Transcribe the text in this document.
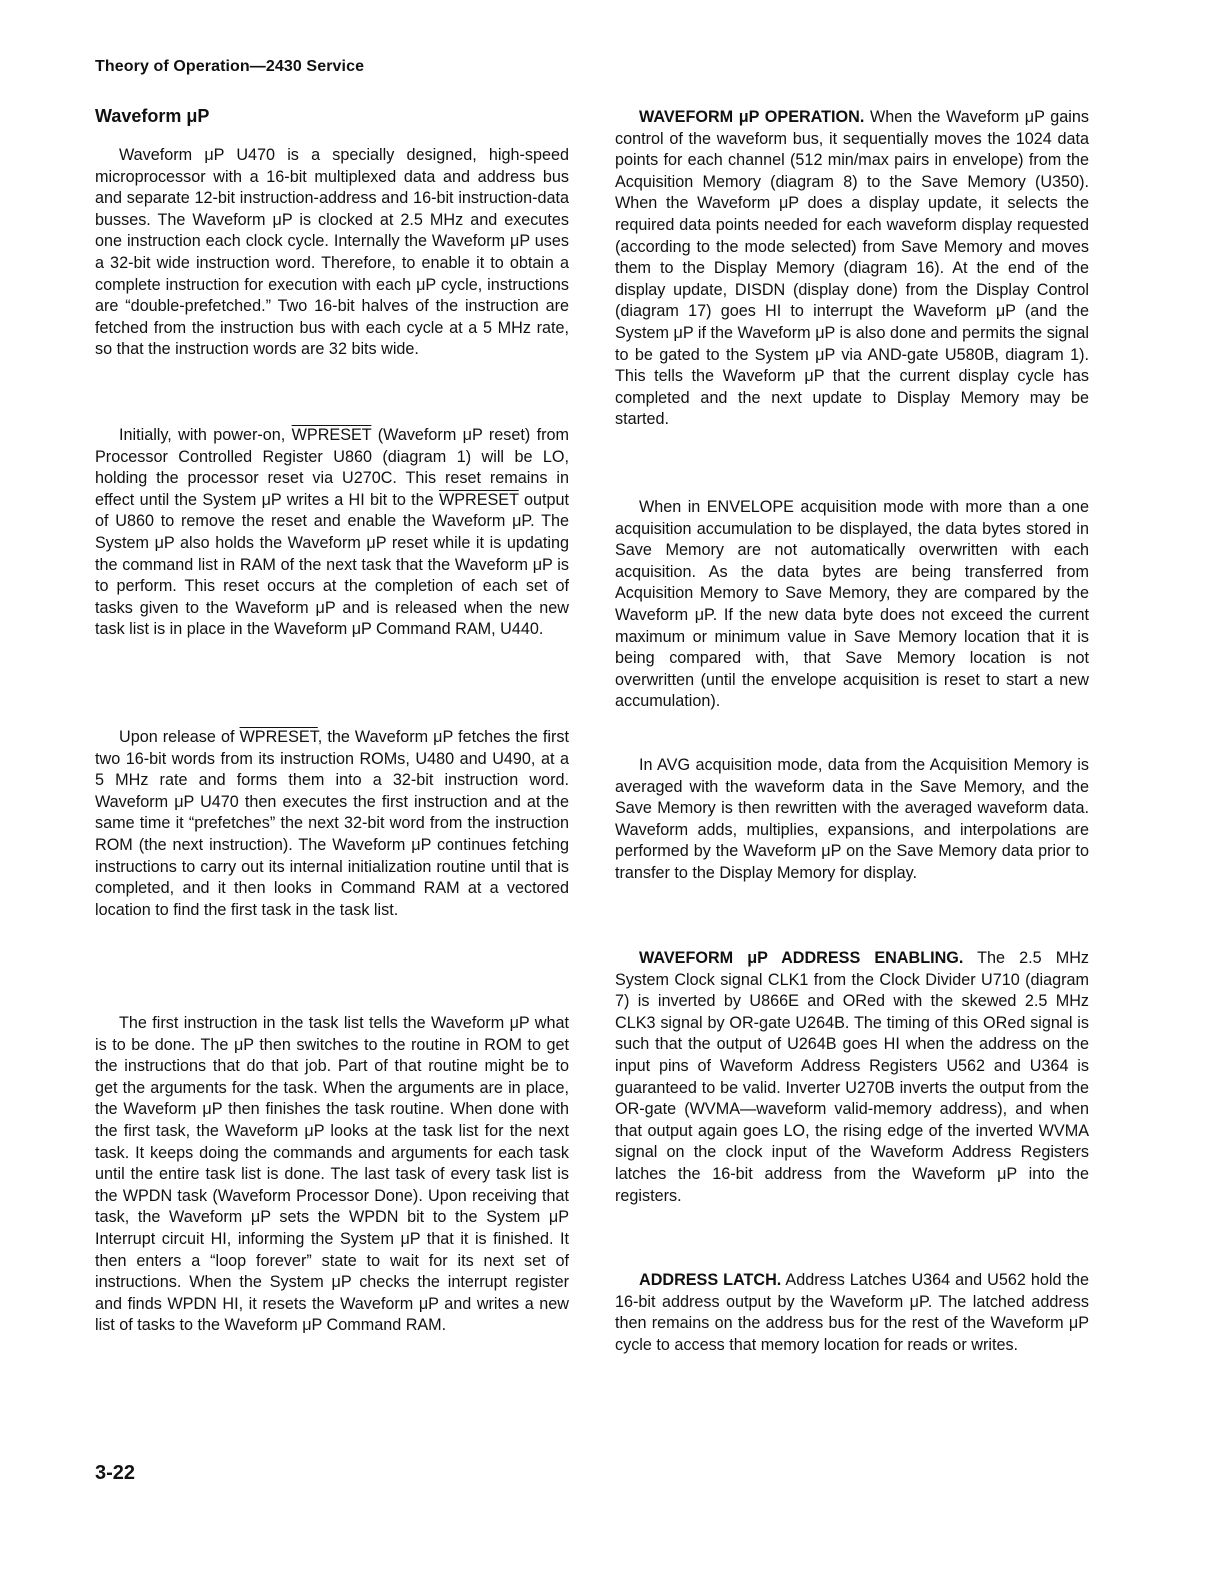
Theory of Operation—2430 Service
Waveform μP

Waveform μP U470 is a specially designed, high-speed microprocessor with a 16-bit multiplexed data and address bus and separate 12-bit instruction-address and 16-bit instruction-data busses. The Waveform μP is clocked at 2.5 MHz and executes one instruction each clock cycle. Internally the Waveform μP uses a 32-bit wide instruction word. Therefore, to enable it to obtain a complete instruction for execution with each μP cycle, instructions are “double-prefetched.” Two 16-bit halves of the instruction are fetched from the instruction bus with each cycle at a 5 MHz rate, so that the instruction words are 32 bits wide.

Initially, with power-on, WPRESET (Waveform μP reset) from Processor Controlled Register U860 (diagram 1) will be LO, holding the processor reset via U270C. This reset remains in effect until the System μP writes a HI bit to the WPRESET output of U860 to remove the reset and enable the Waveform μP. The System μP also holds the Waveform μP reset while it is updating the command list in RAM of the next task that the Waveform μP is to perform. This reset occurs at the completion of each set of tasks given to the Waveform μP and is released when the new task list is in place in the Waveform μP Command RAM, U440.

Upon release of WPRESET, the Waveform μP fetches the first two 16-bit words from its instruction ROMs, U480 and U490, at a 5 MHz rate and forms them into a 32-bit instruction word. Waveform μP U470 then executes the first instruction and at the same time it “prefetches” the next 32-bit word from the instruction ROM (the next instruction). The Waveform μP continues fetching instructions to carry out its internal initialization routine until that is completed, and it then looks in Command RAM at a vectored location to find the first task in the task list.

The first instruction in the task list tells the Waveform μP what is to be done. The μP then switches to the routine in ROM to get the instructions that do that job. Part of that routine might be to get the arguments for the task. When the arguments are in place, the Waveform μP then finishes the task routine. When done with the first task, the Waveform μP looks at the task list for the next task. It keeps doing the commands and arguments for each task until the entire task list is done. The last task of every task list is the WPDN task (Waveform Processor Done). Upon receiving that task, the Waveform μP sets the WPDN bit to the System μP Interrupt circuit HI, informing the System μP that it is finished. It then enters a “loop forever” state to wait for its next set of instructions. When the System μP checks the interrupt register and finds WPDN HI, it resets the Waveform μP and writes a new list of tasks to the Waveform μP Command RAM.

WAVEFORM μP OPERATION. When the Waveform μP gains control of the waveform bus, it sequentially moves the 1024 data points for each channel (512 min/max pairs in envelope) from the Acquisition Memory (diagram 8) to the Save Memory (U350). When the Waveform μP does a display update, it selects the required data points needed for each waveform display requested (according to the mode selected) from Save Memory and moves them to the Display Memory (diagram 16). At the end of the display update, DISDN (display done) from the Display Control (diagram 17) goes HI to interrupt the Waveform μP (and the System μP if the Waveform μP is also done and permits the signal to be gated to the System μP via AND-gate U580B, diagram 1). This tells the Waveform μP that the current display cycle has completed and the next update to Display Memory may be started.

When in ENVELOPE acquisition mode with more than a one acquisition accumulation to be displayed, the data bytes stored in Save Memory are not automatically overwritten with each acquisition. As the data bytes are being transferred from Acquisition Memory to Save Memory, they are compared by the Waveform μP. If the new data byte does not exceed the current maximum or minimum value in Save Memory location that it is being compared with, that Save Memory location is not overwritten (until the envelope acquisition is reset to start a new accumulation).

In AVG acquisition mode, data from the Acquisition Memory is averaged with the waveform data in the Save Memory, and the Save Memory is then rewritten with the averaged waveform data. Waveform adds, multiplies, expansions, and interpolations are performed by the Waveform μP on the Save Memory data prior to transfer to the Display Memory for display.

WAVEFORM μP ADDRESS ENABLING. The 2.5 MHz System Clock signal CLK1 from the Clock Divider U710 (diagram 7) is inverted by U866E and ORed with the skewed 2.5 MHz CLK3 signal by OR-gate U264B. The timing of this ORed signal is such that the output of U264B goes HI when the address on the input pins of Waveform Address Registers U562 and U364 is guaranteed to be valid. Inverter U270B inverts the output from the OR-gate (WVMA—waveform valid-memory address), and when that output again goes LO, the rising edge of the inverted WVMA signal on the clock input of the Waveform Address Registers latches the 16-bit address from the Waveform μP into the registers.

ADDRESS LATCH. Address Latches U364 and U562 hold the 16-bit address output by the Waveform μP. The latched address then remains on the address bus for the rest of the Waveform μP cycle to access that memory location for reads or writes.

3-22
